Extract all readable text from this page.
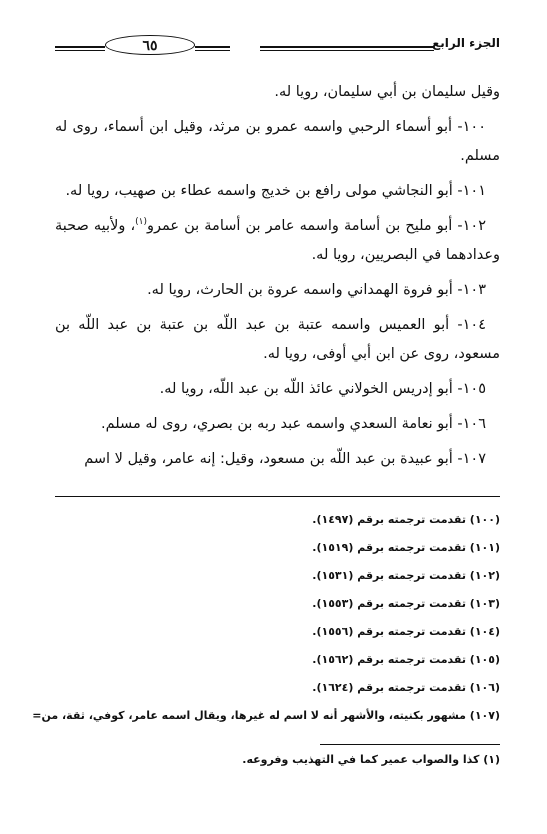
٦٥	الجزء الرابع

وقيل سليمان بن أبي سليمان، رويا له.

١٠٠- أبو أسماء الرحبي واسمه عمرو بن مرثد، وقيل ابن أسماء، روى له مسلم.

١٠١- أبو النجاشي مولى رافع بن خديج واسمه عطاء بن صهيب، رويا له.

١٠٢- أبو مليح بن أسامة واسمه عامر بن أسامة بن عمرو$^{(١)}$، ولأبيه صحبة وعدادهما في البصريين، رويا له.

١٠٣- أبو فروة الهمداني واسمه عروة بن الحارث، رويا له.

١٠٤- أبو العميس واسمه عتبة بن عبد اللّه بن عتبة بن عبد اللّه بن مسعود، روى عن ابن أبي أوفى، رويا له.

١٠٥- أبو إدريس الخولاني عائذ اللّه بن عبد اللّه، رويا له.

١٠٦- أبو نعامة السعدي واسمه عبد ربه بن بصري، روى له مسلم.

١٠٧- أبو عبيدة بن عبد اللّه بن مسعود، وقيل: إنه عامر، وقيل لا اسم

(١٠٠) تقدمت ترجمته برقم (١٤٩٧).
(١٠١) تقدمت ترجمته برقم (١٥١٩).
(١٠٢) تقدمت ترجمته برقم (١٥٣١).
(١٠٣) تقدمت ترجمته برقم (١٥٥٣).
(١٠٤) تقدمت ترجمته برقم (١٥٥٦).
(١٠٥) تقدمت ترجمته برقم (١٥٦٢).
(١٠٦) تقدمت ترجمته برقم (١٦٢٤).
(١٠٧) مشهور بكنيته، والأشهر أنه لا اسم له غيرها، ويقال اسمه عامر، كوفي، ثقة، من=
(١) كذا والصواب عمير كما في التهذيب وفروعه.
